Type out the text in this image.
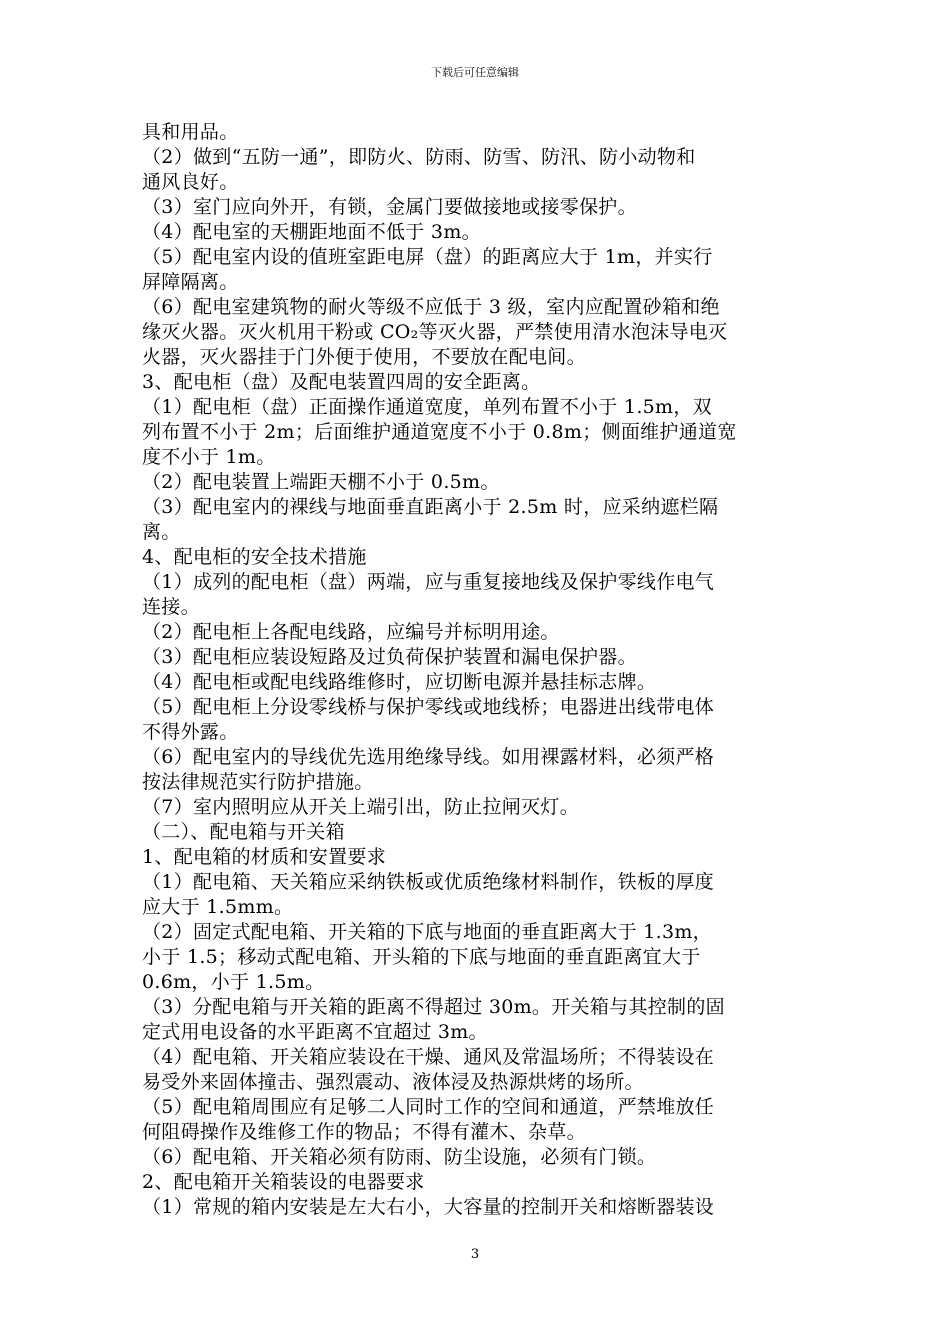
下载后可任意编辑
具和用品。
（2）做到“五防一通”，即防火、防雨、防雪、防汛、防小动物和
通风良好。
（3）室门应向外开，有锁，金属门要做接地或接零保护。
（4）配电室的天棚距地面不低于 3m。
（5）配电室内设的值班室距电屏（盘）的距离应大于 1m，并实行
屏障隔离。
（6）配电室建筑物的耐火等级不应低于 3 级，室内应配置砂箱和绝
缘灭火器。灭火机用干粉或 CO₂等灭火器，严禁使用清水泡沫导电灭
火器，灭火器挂于门外便于使用，不要放在配电间。
3、配电柜（盘）及配电装置四周的安全距离。
（1）配电柜（盘）正面操作通道宽度，单列布置不小于 1.5m，双
列布置不小于 2m；后面维护通道宽度不小于 0.8m；侧面维护通道宽
度不小于 1m。
（2）配电装置上端距天棚不小于 0.5m。
（3）配电室内的裸线与地面垂直距离小于 2.5m 时，应采纳遮栏隔
离。
4、配电柜的安全技术措施
（1）成列的配电柜（盘）两端，应与重复接地线及保护零线作电气
连接。
（2）配电柜上各配电线路，应编号并标明用途。
（3）配电柜应装设短路及过负荷保护装置和漏电保护器。
（4）配电柜或配电线路维修时，应切断电源并悬挂标志牌。
（5）配电柜上分设零线桥与保护零线或地线桥；电器进出线带电体
不得外露。
（6）配电室内的导线优先选用绝缘导线。如用裸露材料，必须严格
按法律规范实行防护措施。
（7）室内照明应从开关上端引出，防止拉闸灭灯。
（二）、配电箱与开关箱
1、配电箱的材质和安置要求
（1）配电箱、天关箱应采纳铁板或优质绝缘材料制作，铁板的厚度
应大于 1.5mm。
（2）固定式配电箱、开关箱的下底与地面的垂直距离大于 1.3m，
小于 1.5；移动式配电箱、开头箱的下底与地面的垂直距离宜大于
0.6m，小于 1.5m。
（3）分配电箱与开关箱的距离不得超过 30m。开关箱与其控制的固
定式用电设备的水平距离不宜超过 3m。
（4）配电箱、开关箱应装设在干燥、通风及常温场所；不得装设在
易受外来固体撞击、强烈震动、液体浸及热源烘烤的场所。
（5）配电箱周围应有足够二人同时工作的空间和通道，严禁堆放任
何阻碍操作及维修工作的物品；不得有灌木、杂草。
（6）配电箱、开关箱必须有防雨、防尘设施，必须有门锁。
2、配电箱开关箱装设的电器要求
（1）常规的箱内安装是左大右小，大容量的控制开关和熔断器装设
3
